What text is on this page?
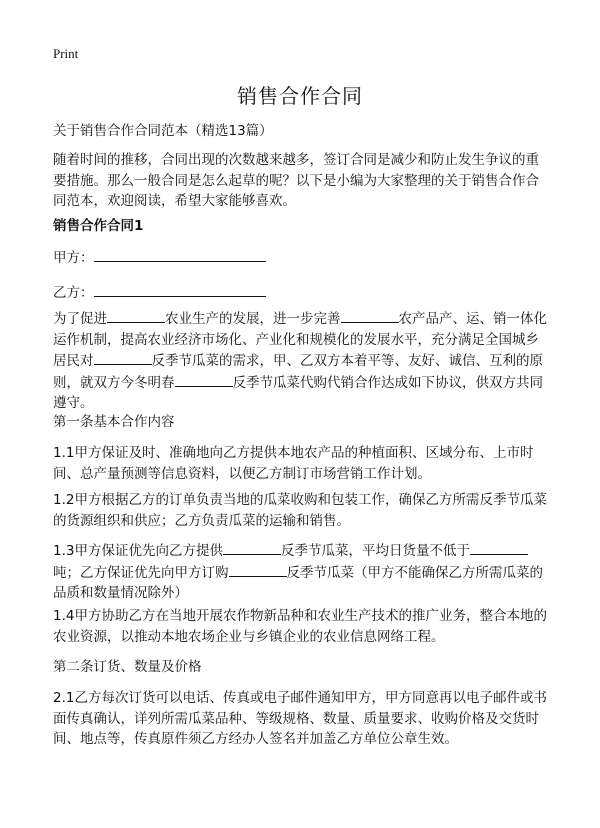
Print
销售合作合同

关于销售合作合同范本（精选13篇）

随着时间的推移，合同出现的次数越来越多，签订合同是减少和防止发生争议的重要措施。那么一般合同是怎么起草的呢？以下是小编为大家整理的关于销售合作合同范本，欢迎阅读，希望大家能够喜欢。

销售合作合同1

甲方：

乙方：

为了促进	农业生产的发展，进一步完善	农产品产、运、销一体化运作机制，提高农业经济市场化、产业化和规模化的发展水平，充分满足全国城乡居民对	反季节瓜菜的需求，甲、乙双方本着平等、友好、诚信、互利的原则，就双方今冬明春	反季节瓜菜代购代销合作达成如下协议，供双方共同遵守。

第一条基本合作内容

1.1甲方保证及时、准确地向乙方提供本地农产品的种植面积、区域分布、上市时间、总产量预测等信息资料，以便乙方制订市场营销工作计划。

1.2甲方根据乙方的订单负责当地的瓜菜收购和包装工作，确保乙方所需反季节瓜菜的货源组织和供应；乙方负责瓜菜的运输和销售。

1.3甲方保证优先向乙方提供	反季节瓜菜，平均日货量不低于吨；乙方保证优先向甲方订购	反季节瓜菜（甲方不能确保乙方所需瓜菜的品质和数量情况除外）

1.4甲方协助乙方在当地开展农作物新品种和农业生产技术的推广业务，整合本地的农业资源，以推动本地农场企业与乡镇企业的农业信息网络工程。

第二条订货、数量及价格

2.1乙方每次订货可以电话、传真或电子邮件通知甲方，甲方同意再以电子邮件或书面传真确认，详列所需瓜菜品种、等级规格、数量、质量要求、收购价格及交货时间、地点等，传真原件须乙方经办人签名并加盖乙方单位公章生效。
